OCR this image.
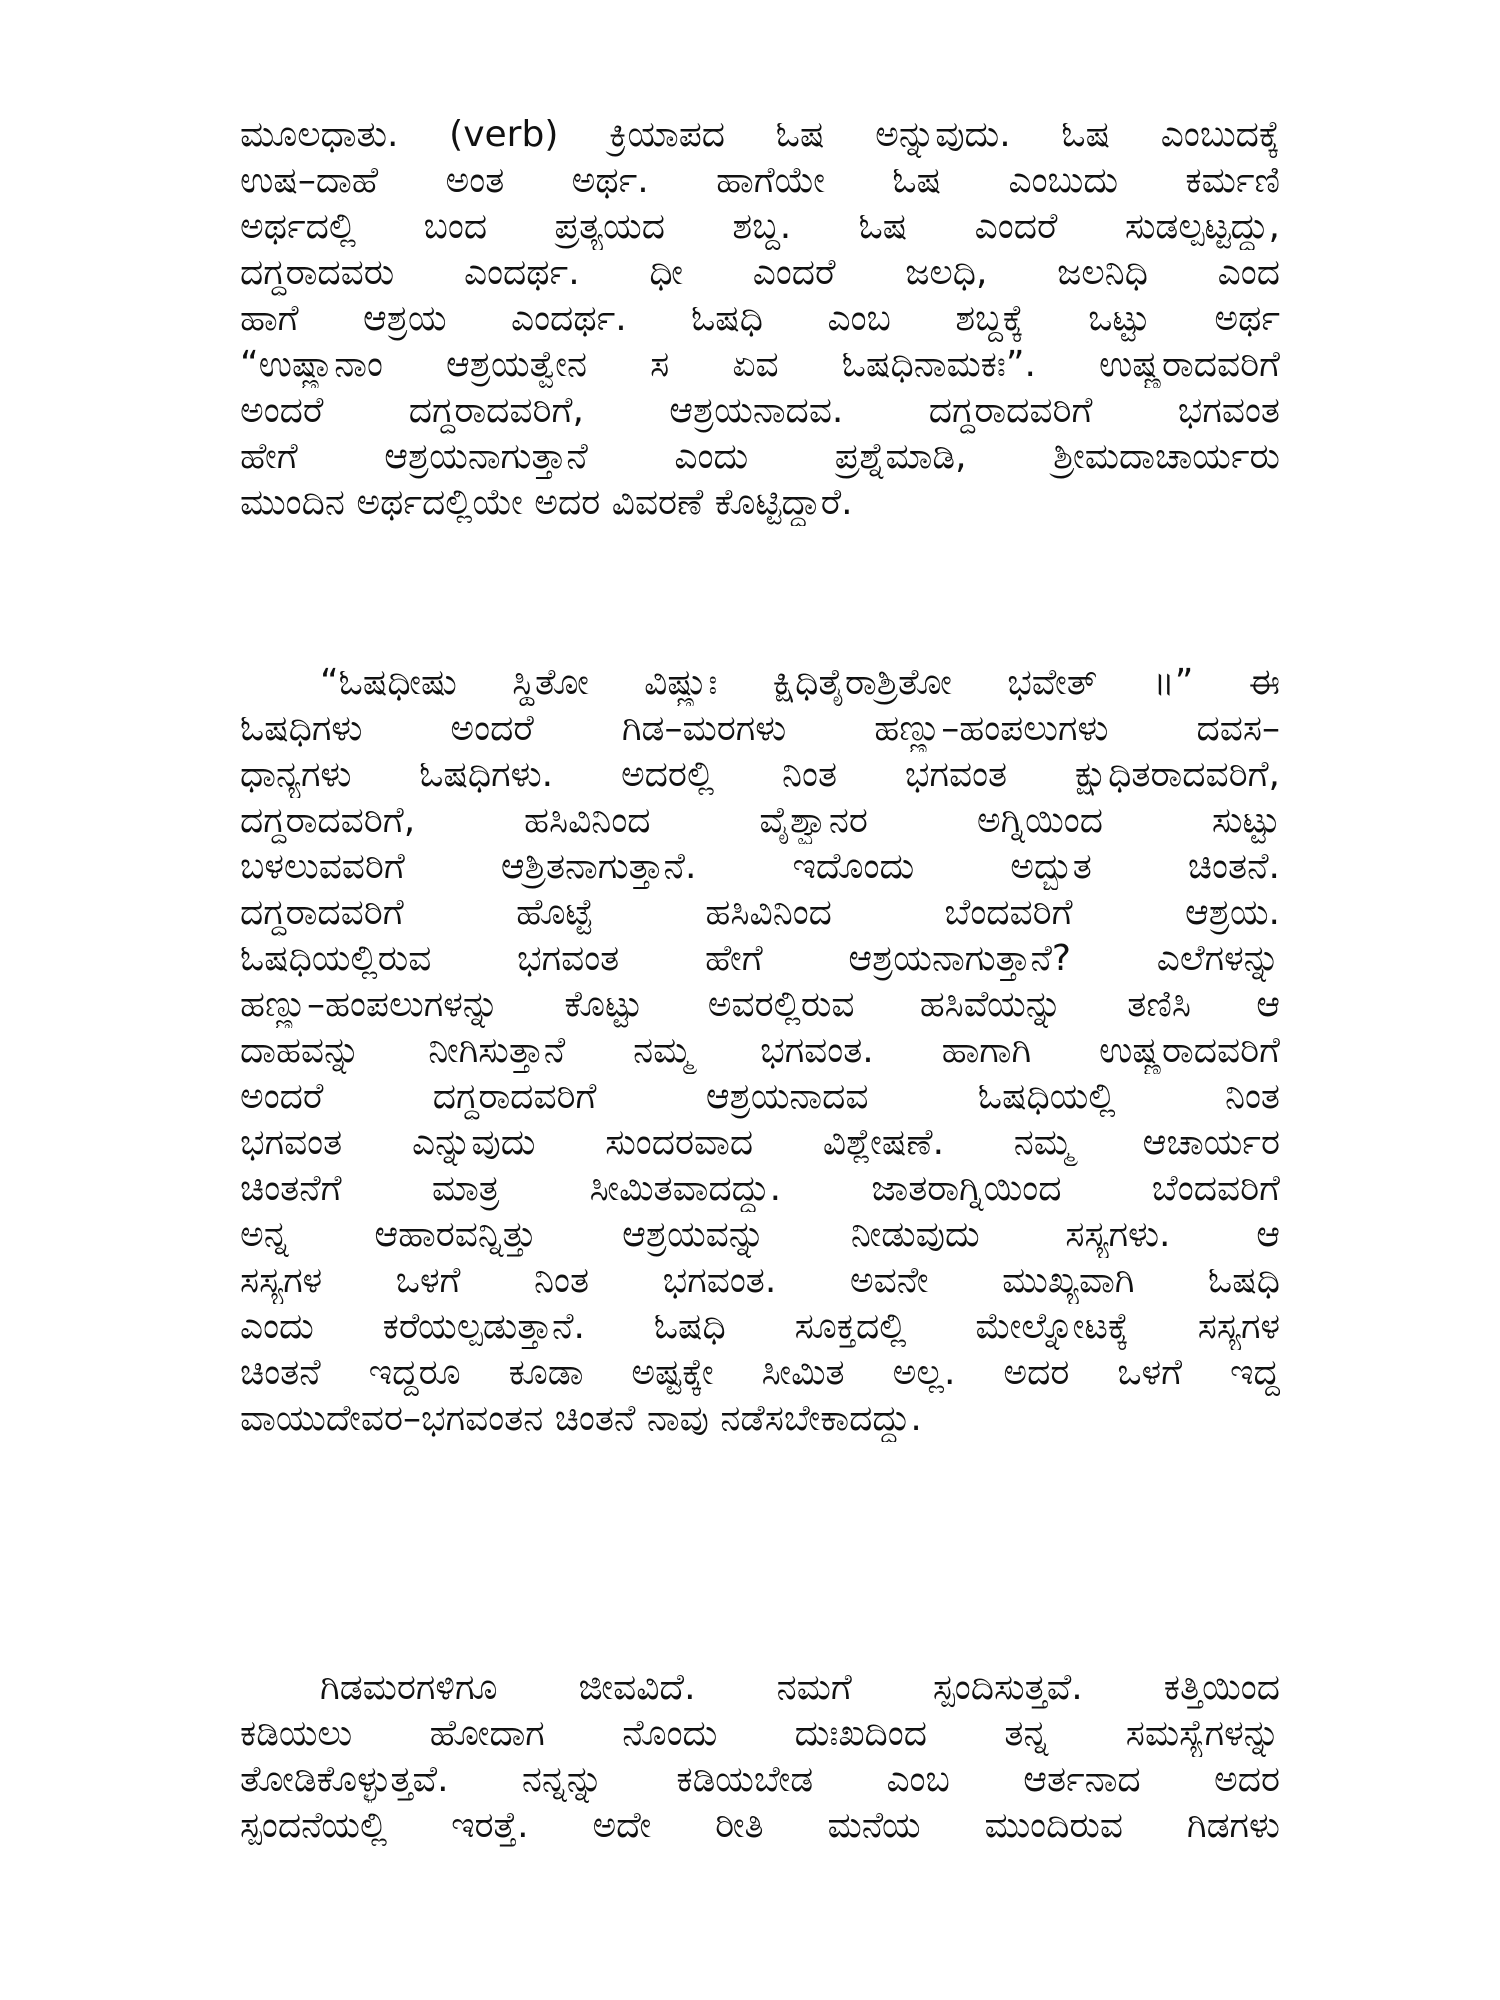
ಮೂಲಧಾತು. (verb) ಕ್ರಿಯಾಪದ ಓಷ ಅನ್ನುವುದು. ಓಷ ಎಂಬುದಕ್ಕೆ
ಉಷ–ದಾಹೆ ಅಂತ ಅರ್ಥ. ಹಾಗೆಯೇ ಓಷ ಎಂಬುದು ಕರ್ಮಣಿ
ಅರ್ಥದಲ್ಲಿ ಬಂದ ಪ್ರತ್ಯಯದ ಶಬ್ದ. ಓಷ ಎಂದರೆ ಸುಡಲ್ಪಟ್ಟದ್ದು,
ದಗ್ಧರಾದವರು ಎಂದರ್ಥ. ಧೀ ಎಂದರೆ ಜಲಧಿ, ಜಲನಿಧಿ ಎಂದ
ಹಾಗೆ ಆಶ್ರಯ ಎಂದರ್ಥ. ಓಷಧಿ ಎಂಬ ಶಬ್ದಕ್ಕೆ ಒಟ್ಟು ಅರ್ಥ
“ಉಷ್ಣಾನಾಂ ಆಶ್ರಯತ್ವೇನ ಸ ಏವ ಓಷಧಿನಾಮಕಃ”. ಉಷ್ಣರಾದವರಿಗೆ
ಅಂದರೆ ದಗ್ಧರಾದವರಿಗೆ, ಆಶ್ರಯನಾದವ. ದಗ್ಧರಾದವರಿಗೆ ಭಗವಂತ
ಹೇಗೆ ಆಶ್ರಯನಾಗುತ್ತಾನೆ ಎಂದು ಪ್ರಶ್ನೆಮಾಡಿ, ಶ್ರೀಮದಾಚಾರ್ಯರು
ಮುಂದಿನ ಅರ್ಥದಲ್ಲಿಯೇ ಅದರ ವಿವರಣೆ ಕೊಟ್ಟಿದ್ದಾರೆ.
“ಓಷಧೀಷು ಸ್ಥಿತೋ ವಿಷ್ಣುಃ ಕ್ಷಿಧಿತೈರಾಶ್ರಿತೋ ಭವೇತ್ ॥” ಈ
ಓಷಧಿಗಳು ಅಂದರೆ ಗಿಡ–ಮರಗಳು ಹಣ್ಣು–ಹಂಪಲುಗಳು ದವಸ–
ಧಾನ್ಯಗಳು ಓಷಧಿಗಳು. ಅದರಲ್ಲಿ ನಿಂತ ಭಗವಂತ ಕ್ಷುಧಿತರಾದವರಿಗೆ,
ದಗ್ಧರಾದವರಿಗೆ, ಹಸಿವಿನಿಂದ ವೈಶ್ವಾನರ ಅಗ್ನಿಯಿಂದ ಸುಟ್ಟು
ಬಳಲುವವರಿಗೆ ಆಶ್ರಿತನಾಗುತ್ತಾನೆ. ಇದೊಂದು ಅದ್ಭುತ ಚಿಂತನೆ.
ದಗ್ಧರಾದವರಿಗೆ ಹೊಟ್ಟೆ ಹಸಿವಿನಿಂದ ಬೆಂದವರಿಗೆ ಆಶ್ರಯ.
ಓಷಧಿಯಲ್ಲಿರುವ ಭಗವಂತ ಹೇಗೆ ಆಶ್ರಯನಾಗುತ್ತಾನೆ? ಎಲೆಗಳನ್ನು
ಹಣ್ಣು–ಹಂಪಲುಗಳನ್ನು ಕೊಟ್ಟು ಅವರಲ್ಲಿರುವ ಹಸಿವೆಯನ್ನು ತಣಿಸಿ ಆ
ದಾಹವನ್ನು ನೀಗಿಸುತ್ತಾನೆ ನಮ್ಮ ಭಗವಂತ. ಹಾಗಾಗಿ ಉಷ್ಣರಾದವರಿಗೆ
ಅಂದರೆ ದಗ್ಧರಾದವರಿಗೆ ಆಶ್ರಯನಾದವ ಓಷಧಿಯಲ್ಲಿ ನಿಂತ
ಭಗವಂತ ಎನ್ನುವುದು ಸುಂದರವಾದ ವಿಶ್ಲೇಷಣೆ. ನಮ್ಮ ಆಚಾರ್ಯರ
ಚಿಂತನೆಗೆ ಮಾತ್ರ ಸೀಮಿತವಾದದ್ದು. ಜಾತರಾಗ್ನಿಯಿಂದ ಬೆಂದವರಿಗೆ
ಅನ್ನ ಆಹಾರವನ್ನಿತ್ತು ಆಶ್ರಯವನ್ನು ನೀಡುವುದು ಸಸ್ಯಗಳು. ಆ
ಸಸ್ಯಗಳ ಒಳಗೆ ನಿಂತ ಭಗವಂತ. ಅವನೇ ಮುಖ್ಯವಾಗಿ ಓಷಧಿ
ಎಂದು ಕರೆಯಲ್ಪಡುತ್ತಾನೆ. ಓಷಧಿ ಸೂಕ್ತದಲ್ಲಿ ಮೇಲ್ನೋಟಕ್ಕೆ ಸಸ್ಯಗಳ
ಚಿಂತನೆ ಇದ್ದರೂ ಕೂಡಾ ಅಷ್ಟಕ್ಕೇ ಸೀಮಿತ ಅಲ್ಲ. ಅದರ ಒಳಗೆ ಇದ್ದ
ವಾಯುದೇವರ–ಭಗವಂತನ ಚಿಂತನೆ ನಾವು ನಡೆಸಬೇಕಾದದ್ದು.
ಗಿಡಮರಗಳಿಗೂ ಜೀವವಿದೆ. ನಮಗೆ ಸ್ಪಂದಿಸುತ್ತವೆ. ಕತ್ತಿಯಿಂದ
ಕಡಿಯಲು ಹೋದಾಗ ನೊಂದು ದುಃಖದಿಂದ ತನ್ನ ಸಮಸ್ಯೆಗಳನ್ನು
ತೋಡಿಕೊಳ್ಳುತ್ತವೆ. ನನ್ನನ್ನು ಕಡಿಯಬೇಡ ಎಂಬ ಆರ್ತನಾದ ಅದರ
ಸ್ಪಂದನೆಯಲ್ಲಿ ಇರತ್ತೆ. ಅದೇ ರೀತಿ ಮನೆಯ ಮುಂದಿರುವ ಗಿಡಗಳು
